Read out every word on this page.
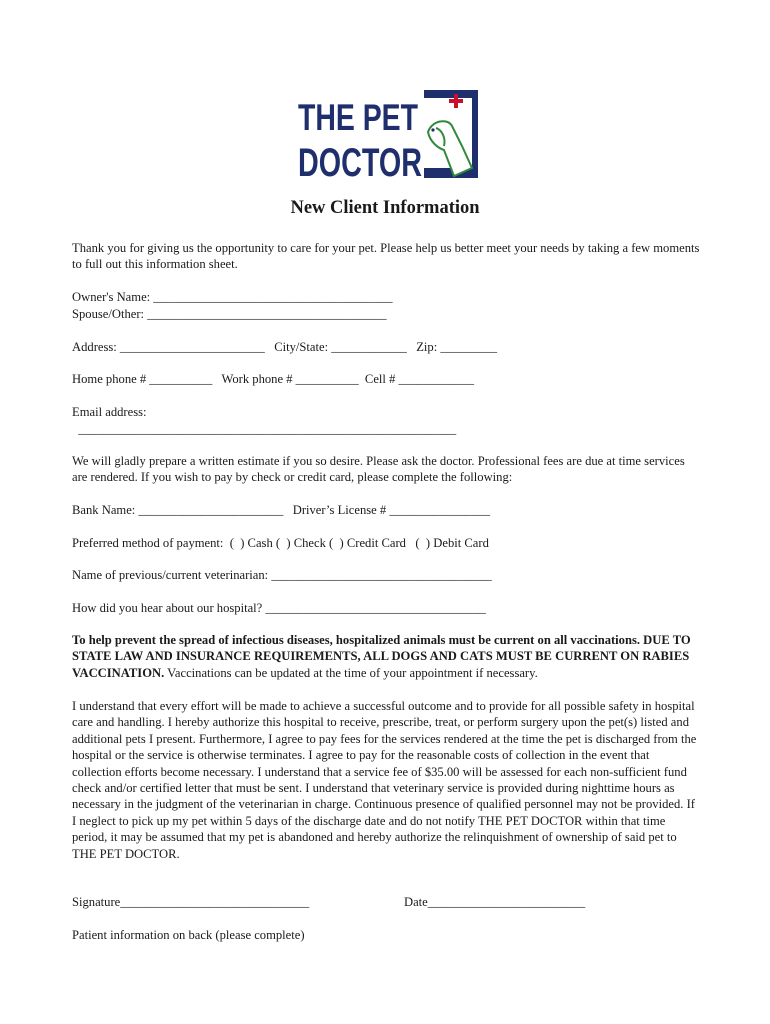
THE PET
DOCTOR
New Client Information

Thank you for giving us the opportunity to care for your pet. Please help us better meet your needs by taking a few moments to full out this information sheet.

Owner's Name: ______________________________________

Spouse/Other: ______________________________________

Address: _______________________   City/State: ____________   Zip: _________

Home phone # __________   Work phone # __________  Cell # ____________

Email address:

____________________________________________________________

We will gladly prepare a written estimate if you so desire. Please ask the doctor. Professional fees are due at time services are rendered. If you wish to pay by check or credit card, please complete the following:

Bank Name: _______________________   Driver’s License # ________________

Preferred method of payment:  (  ) Cash (  ) Check (  ) Credit Card   (  ) Debit Card

Name of previous/current veterinarian: ___________________________________

How did you hear about our hospital? ___________________________________

To help prevent the spread of infectious diseases, hospitalized animals must be current on all vaccinations. DUE TO STATE LAW AND INSURANCE REQUIREMENTS, ALL DOGS AND CATS MUST BE CURRENT ON RABIES VACCINATION. Vaccinations can be updated at the time of your appointment if necessary.

I understand that every effort will be made to achieve a successful outcome and to provide for all possible safety in hospital care and handling. I hereby authorize this hospital to receive, prescribe, treat, or perform surgery upon the pet(s) listed and additional pets I present. Furthermore, I agree to pay fees for the services rendered at the time the pet is discharged from the hospital or the service is otherwise terminates. I agree to pay for the reasonable costs of collection in the event that collection efforts become necessary. I understand that a service fee of $35.00 will be assessed for each non-sufficient fund check and/or certified letter that must be sent. I understand that veterinary service is provided during nighttime hours as necessary in the judgment of the veterinarian in charge. Continuous presence of qualified personnel may not be provided. If I neglect to pick up my pet within 5 days of the discharge date and do not notify THE PET DOCTOR within that time period, it may be assumed that my pet is abandoned and hereby authorize the relinquishment of ownership of said pet to THE PET DOCTOR.

Signature______________________________	Date_________________________

Patient information on back (please complete)
